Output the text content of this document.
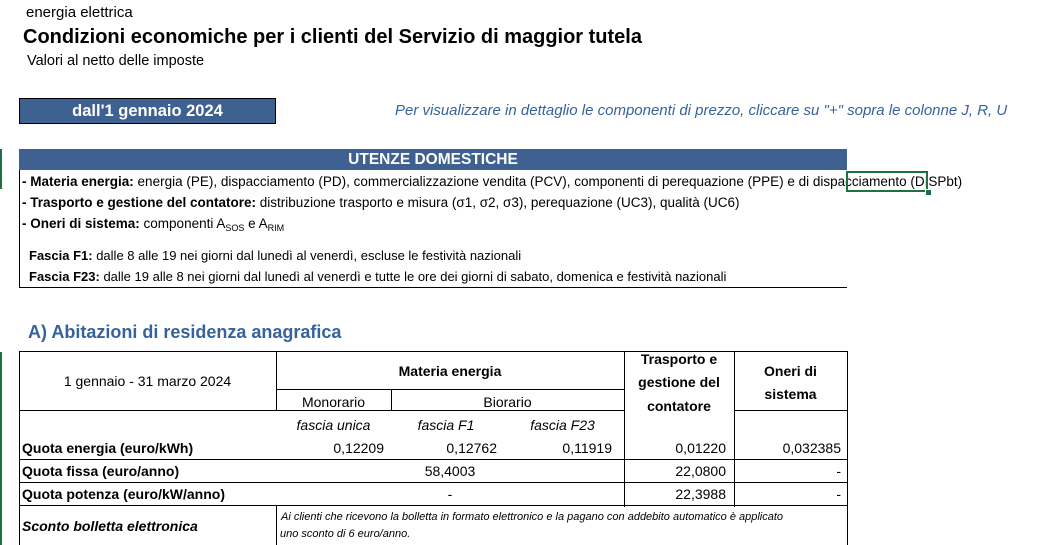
energia elettrica
Condizioni economiche per i clienti del Servizio di maggior tutela
Valori al netto delle imposte
dall'1 gennaio 2024	Per visualizzare in dettaglio le componenti di prezzo, cliccare su "+" sopra le colonne J, R, U
UTENZE DOMESTICHE
- Materia energia: energia (PE), dispacciamento (PD), commercializzazione vendita (PCV), componenti di perequazione (PPE) e di dispacciamento (DISPbt)
- Trasporto e gestione del contatore: distribuzione trasporto e misura (σ1, σ2, σ3), perequazione (UC3), qualità (UC6)
- Oneri di sistema: componenti $A_{SOS}$ e $A_{RIM}$
Fascia F1: dalle 8 alle 19 nei giorni dal lunedì al venerdì, escluse le festività nazionali
Fascia F23: dalle 19 alle 8 nei giorni dal lunedì al venerdì e tutte le ore dei giorni di sabato, domenica e festività nazionali
A) Abitazioni di residenza anagrafica
1 gennaio - 31 marzo 2024
Materia energia
Monorario	Biorario
Trasporto e
gestione del
contatore
Oneri di
sistema
fascia unica	fascia F1	fascia F23
Quota energia (euro/kWh)	0,12209	0,12762	0,11919	0,01220	0,032385
Quota fissa (euro/anno)	58,4003	22,0800	-
Quota potenza (euro/kW/anno)	-	22,3988	-
Sconto bolletta elettronica
Ai clienti che ricevono la bolletta in formato elettronico e la pagano con addebito automatico è applicato
uno sconto di 6 euro/anno.
